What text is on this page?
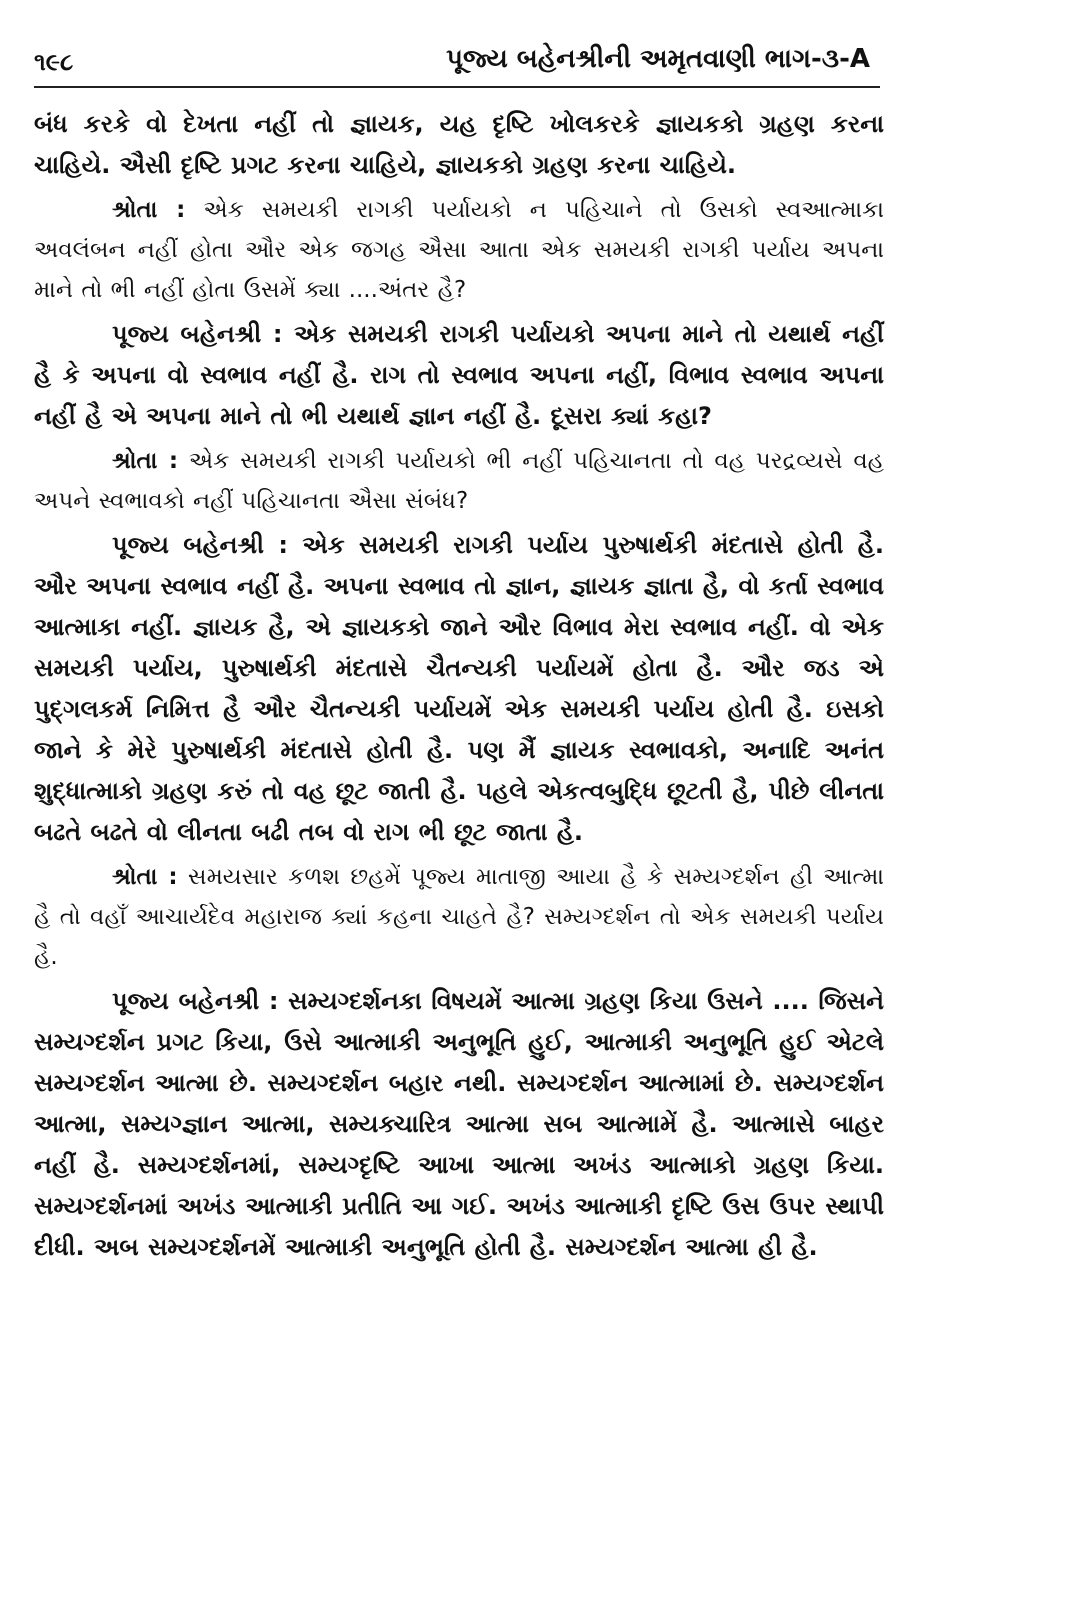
૧૯૮	પૂજ્ય બહેનશ્રીની અમૃતવાણી ભાગ-૩-A

બંધ કરકે વો દેખતા નહીં તો જ્ઞાયક, યહ દૃષ્ટિ ખોલકરકે જ્ઞાયકકો ગ્રહણ કરના ચાહિયે. ઐસી દૃષ્ટિ પ્રગટ કરના ચાહિયે, જ્ઞાયકકો ગ્રહણ કરના ચાહિયે.

શ્રોતા : એક સમયકી રાગકી પર્યાયકો ન પહિચાને તો ઉસકો સ્વઆત્માકા અવલંબન નહીં હોતા ઔર એક જગહ ઐસા આતા એક સમયકી રાગકી પર્યાય અપના માને તો ભી નહીં હોતા ઉસમેં ક્યા ....અંતર હૈ?

પૂજ્ય બહેનશ્રી : એક સમયકી રાગકી પર્યાયકો અપના માને તો યથાર્થ નહીં હૈ કે અપના વો સ્વભાવ નહીં હૈ. રાગ તો સ્વભાવ અપના નહીં, વિભાવ સ્વભાવ અપના નહીં હૈ એ અપના માને તો ભી યથાર્થ જ્ઞાન નહીં હૈ. દૂસરા ક્યાં કહા?

શ્રોતા : એક સમયકી રાગકી પર્યાયકો ભી નહીં પહિચાનતા તો વહ પરદ્રવ્યસે વહ અપને સ્વભાવકો નહીં પહિચાનતા ઐસા સંબંધ?

પૂજ્ય બહેનશ્રી : એક સમયકી રાગકી પર્યાય પુરુષાર્થકી મંદતાસે હોતી હૈ. ઔર અપના સ્વભાવ નહીં હૈ. અપના સ્વભાવ તો જ્ઞાન, જ્ઞાયક જ્ઞાતા હૈ, વો કર્તા સ્વભાવ આત્માકા નહીં. જ્ઞાયક હૈ, એ જ્ઞાયકકો જાને ઔર વિભાવ મેરા સ્વભાવ નહીં. વો એક સમયકી પર્યાય, પુરુષાર્થકી મંદતાસે ચૈતન્યકી પર્યાયમેં હોતા હૈ. ઔર જડ એ પુદ્ગલકર્મ નિમિત્ત હૈ ઔર ચૈતન્યકી પર્યાયમેં એક સમયકી પર્યાય હોતી હૈ. ઇસકો જાને કે મેરે પુરુષાર્થકી મંદતાસે હોતી હૈ. પણ મૈં જ્ઞાયક સ્વભાવકો, અનાદિ અનંત શુદ્ધાત્માકો ગ્રહણ કરું તો વહ છૂટ જાતી હૈ. પહલે એકત્વબુદ્ધિ છૂટતી હૈ, પીછે લીનતા બઢતે બઢતે વો લીનતા બઢી તબ વો રાગ ભી છૂટ જાતા હૈ.

શ્રોતા : સમયસાર કળશ છહમેં પૂજ્ય માતાજી આયા હૈ કે સમ્યગ્દર્શન હી આત્મા હૈ તો વહાઁ આચાર્યદેવ મહારાજ ક્યાં કહના ચાહતે હૈ? સમ્યગ્દર્શન તો એક સમયકી પર્યાય હૈ.

પૂજ્ય બહેનશ્રી : સમ્યગ્દર્શનકા વિષયમેં આત્મા ગ્રહણ કિયા ઉસને .... જિસને સમ્યગ્દર્શન પ્રગટ કિયા, ઉસે આત્માકી અનુભૂતિ હુઈ, આત્માકી અનુભૂતિ હુઈ એટલે સમ્યગ્દર્શન આત્મા છે. સમ્યગ્દર્શન બહાર નથી. સમ્યગ્દર્શન આત્મામાં છે. સમ્યગ્દર્શન આત્મા, સમ્યગ્જ્ઞાન આત્મા, સમ્યક્ચારિત્ર આત્મા સબ આત્મામેં હૈ. આત્માસે બાહર નહીં હૈ. સમ્યગ્દર્શનમાં, સમ્યગ્દૃષ્ટિ આખા આત્મા અખંડ આત્માકો ગ્રહણ કિયા. સમ્યગ્દર્શનમાં અખંડ આત્માકી પ્રતીતિ આ ગઈ. અખંડ આત્માકી દૃષ્ટિ ઉસ ઉપર સ્થાપી દીધી. અબ સમ્યગ્દર્શનમેં આત્માકી અનુભૂતિ હોતી હૈ. સમ્યગ્દર્શન આત્મા હી હૈ.
